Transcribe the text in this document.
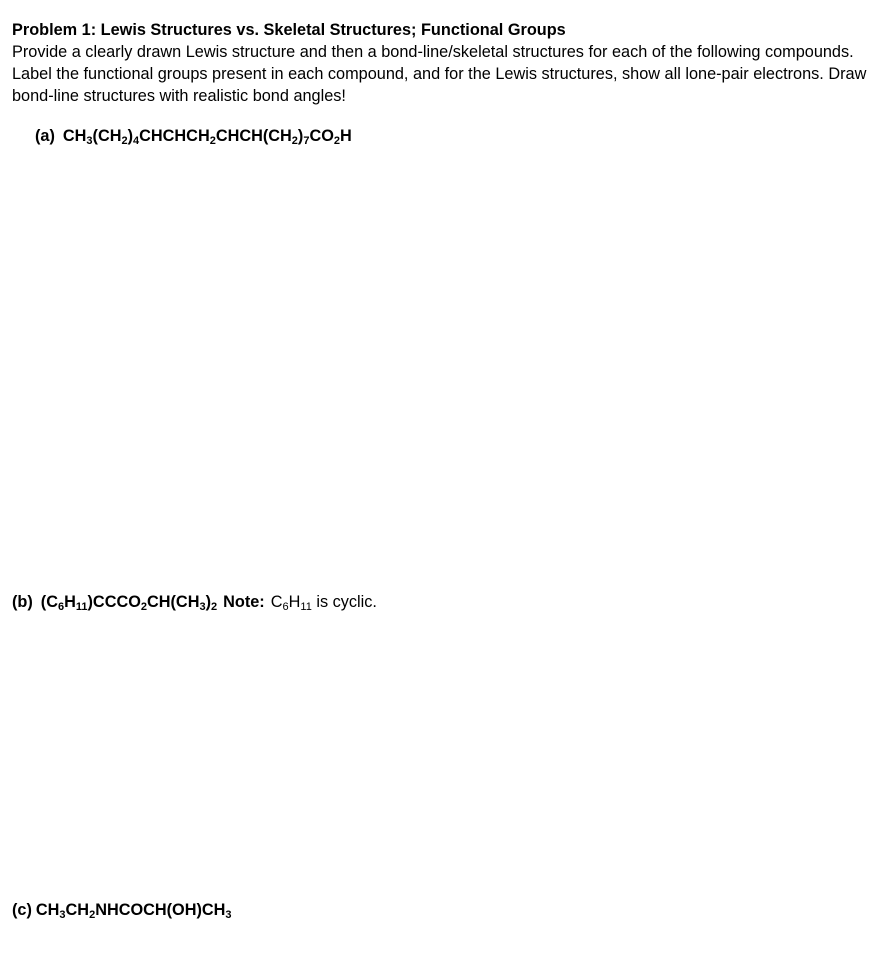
Problem 1: Lewis Structures vs. Skeletal Structures; Functional Groups
Provide a clearly drawn Lewis structure and then a bond-line/skeletal structures for each of the following compounds. Label the functional groups present in each compound, and for the Lewis structures, show all lone-pair electrons. Draw bond-line structures with realistic bond angles!
(a) $CH_3(CH_2)_4CHCHCH_2CHCH(CH_2)_7CO_2H$
(b) $(C_6H_{11})CCCO_2CH(CH_3)_2$ Note: $C_6H_{11}$ is cyclic.
(c) $CH_3CH_2NHCOCH(OH)CH_3$
